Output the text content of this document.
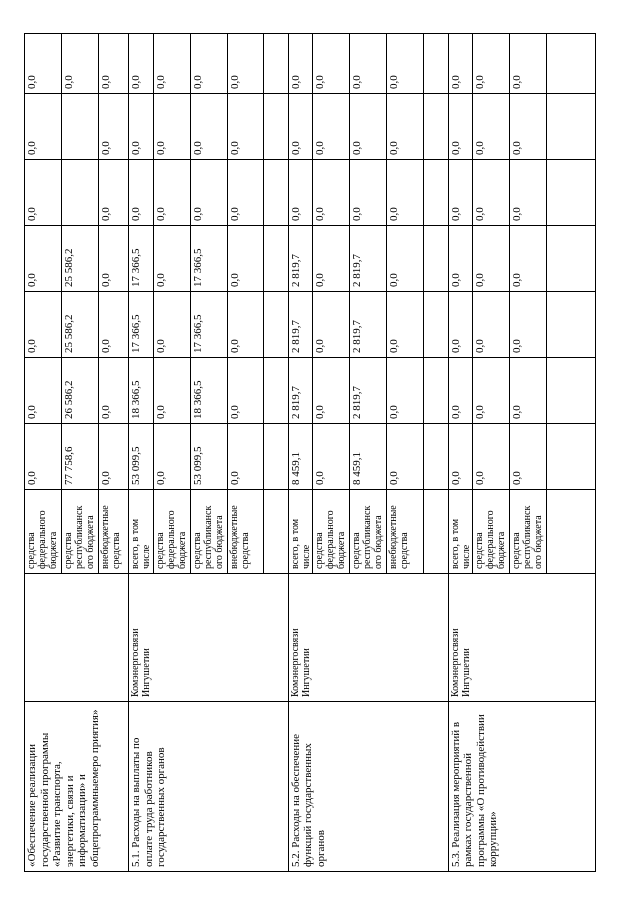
«Обеспечение реализации государственной программы «Развитие транспорта, энергетики, связи и информатизации» и общепрограммныемеро приятия»		средства федерального бюджета	0,0	0,0	0,0	0,0	0,0	0,0	0,0
		средства республиканск ого бюджета	77 758,6	26 586,2	25 586,2	25 586,2			0,0
		внебюджетные средства	0,0	0,0	0,0	0,0	0,0	0,0	0,0
5.1. Расходы на выплаты по оплате труда работников государственных органов	Комэнергосвязи Ингушетии	всего, в том числе	53 099,5	18 366,5	17 366,5	17 366,5	0,0	0,0	0,0
		средства федерального бюджета	0,0	0,0	0,0	0,0	0,0	0,0	0,0
		средства республиканск ого бюджета	53 099,5	18 366,5	17 366,5	17 366,5	0,0	0,0	0,0
		внебюджетные средства	0,0	0,0	0,0	0,0	0,0	0,0	0,0

5.2. Расходы на обеспечение функций государственных органов	Комэнергосвязи Ингушетии	всего, в том числе	8 459,1	2 819,7	2 819,7	2 819,7	0,0	0,0	0,0
		средства федерального бюджета	0,0	0,0	0,0	0,0	0,0	0,0	0,0
		средства республиканск ого бюджета	8 459,1	2 819,7	2 819,7	2 819,7	0,0	0,0	0,0
		внебюджетные средства	0,0	0,0	0,0	0,0	0,0	0,0	0,0

5.3. Реализация мероприятий в рамках государственной программы «О противодействии коррупции»	Комэнергосвязи Ингушетии	всего, в том числе	0,0	0,0	0,0	0,0	0,0	0,0	0,0
		средства федерального бюджета	0,0	0,0	0,0	0,0	0,0	0,0	0,0
		средства республиканск ого бюджета	0,0	0,0	0,0	0,0	0,0	0,0	0,0
